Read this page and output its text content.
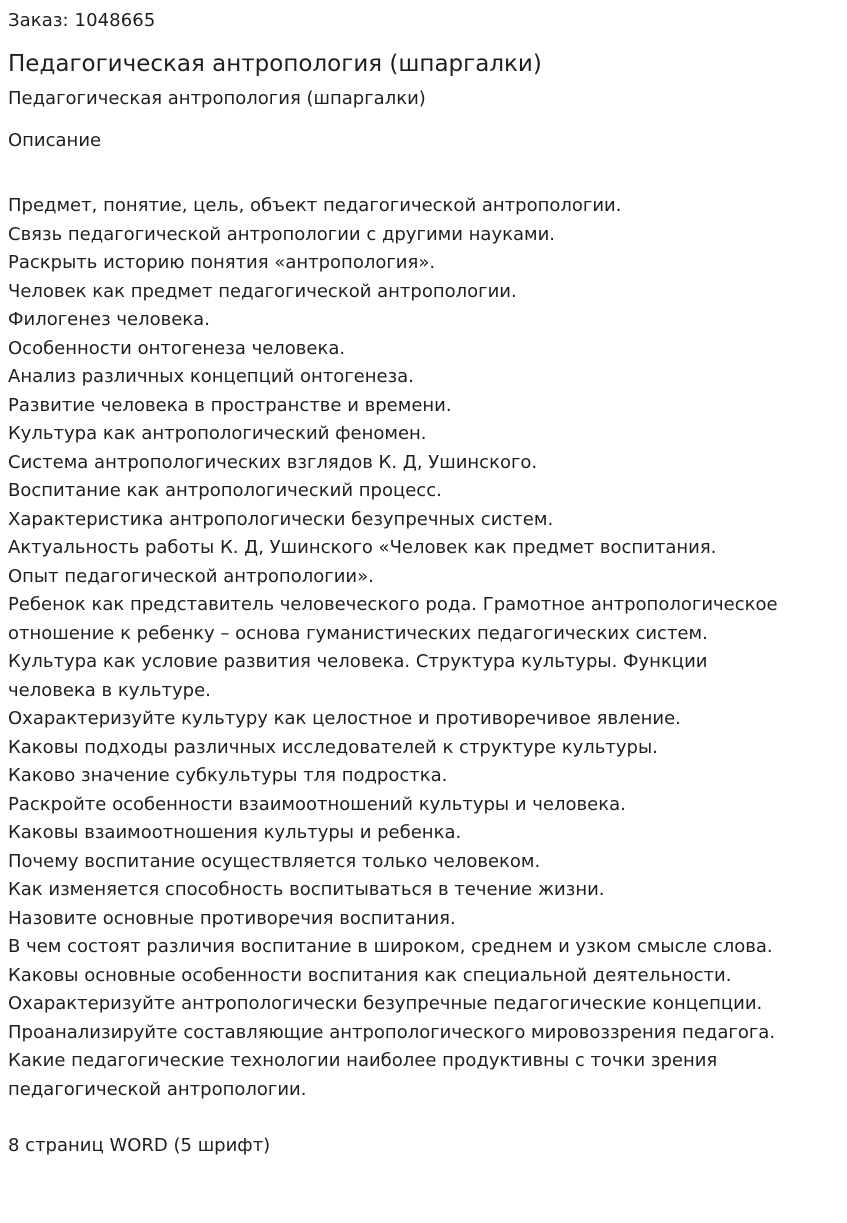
Заказ: 1048665
Педагогическая антропология (шпаргалки)
Педагогическая антропология (шпаргалки)
Описание
Предмет, понятие, цель, объект педагогической антропологии.
Связь педагогической антропологии с другими науками.
Раскрыть историю понятия «антропология».
Человек как предмет педагогической антропологии.
Филогенез человека.
Особенности онтогенеза человека.
Анализ различных концепций онтогенеза.
Развитие человека в пространстве и времени.
Культура как антропологический феномен.
Система антропологических взглядов К. Д, Ушинского.
Воспитание как антропологический процесс.
Характеристика антропологически безупречных систем.
Актуальность работы К. Д, Ушинского «Человек как предмет воспитания.
Опыт педагогической антропологии».
Ребенок как представитель человеческого рода. Грамотное антропологическое
отношение к ребенку – основа гуманистических педагогических систем.
Культура как условие развития человека. Структура культуры. Функции
человека в культуре.
Охарактеризуйте культуру как целостное и противоречивое явление.
Каковы подходы различных исследователей к структуре культуры.
Каково значение субкультуры тля подростка.
Раскройте особенности взаимоотношений культуры и человека.
Каковы взаимоотношения культуры и ребенка.
Почему воспитание осуществляется только человеком.
Как изменяется способность воспитываться в течение жизни.
Назовите основные противоречия воспитания.
В чем состоят различия воспитание в широком, среднем и узком смысле слова.
Каковы основные особенности воспитания как специальной деятельности.
Охарактеризуйте антропологически безупречные педагогические концепции.
Проанализируйте составляющие антропологического мировоззрения педагога.
Какие педагогические технологии наиболее продуктивны с точки зрения
педагогической антропологии.
8 страниц WORD (5 шрифт)
